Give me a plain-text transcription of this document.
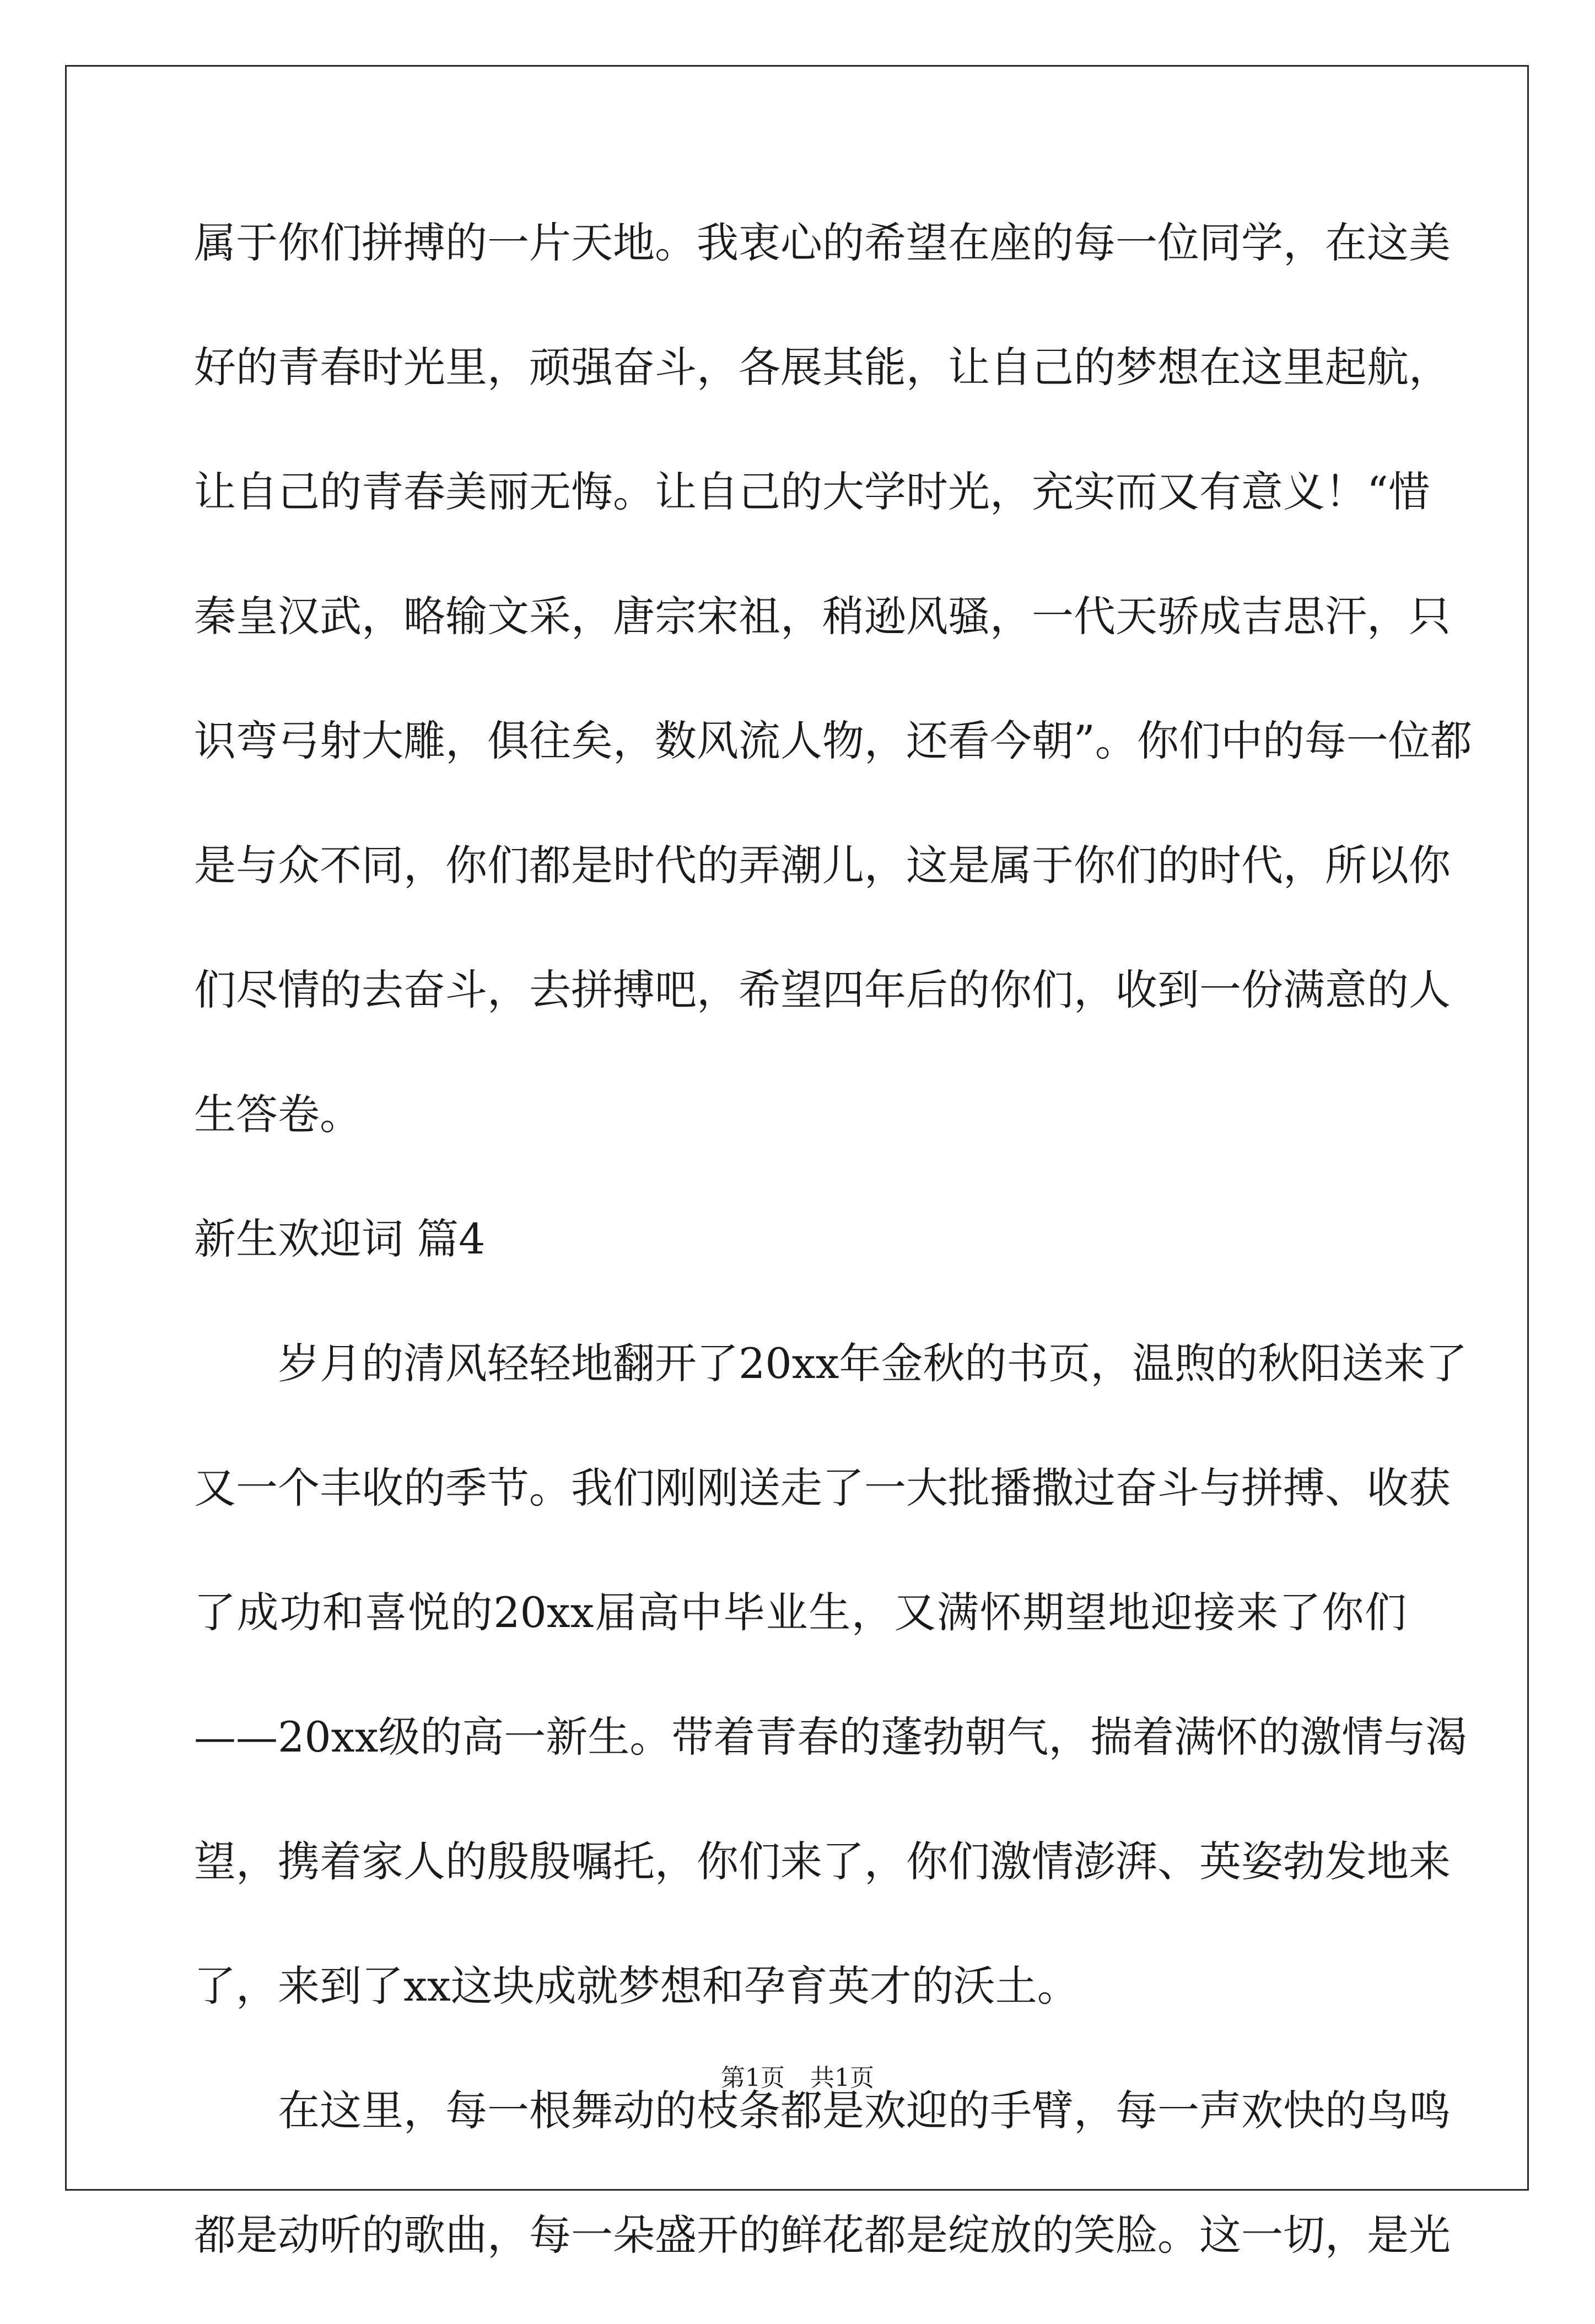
属于你们拼搏的一片天地。我衷心的希望在座的每一位同学，在这美
好的青春时光里，顽强奋斗，各展其能，让自己的梦想在这里起航，
让自己的青春美丽无悔。让自己的大学时光，充实而又有意义！“惜
秦皇汉武，略输文采，唐宗宋祖，稍逊风骚，一代天骄成吉思汗，只
识弯弓射大雕，俱往矣，数风流人物，还看今朝”。你们中的每一位都
是与众不同，你们都是时代的弄潮儿，这是属于你们的时代，所以你
们尽情的去奋斗，去拼搏吧，希望四年后的你们，收到一份满意的人
生答卷。
新生欢迎词 篇4
岁月的清风轻轻地翻开了20xx年金秋的书页，温煦的秋阳送来了
又一个丰收的季节。我们刚刚送走了一大批播撒过奋斗与拼搏、收获
了成功和喜悦的20xx届高中毕业生，又满怀期望地迎接来了你们
——20xx级的高一新生。带着青春的蓬勃朝气，揣着满怀的激情与渴
望，携着家人的殷殷嘱托，你们来了，你们激情澎湃、英姿勃发地来
了，来到了xx这块成就梦想和孕育英才的沃土。
在这里，每一根舞动的枝条都是欢迎的手臂，每一声欢快的鸟鸣
都是动听的歌曲，每一朵盛开的鲜花都是绽放的笑脸。这一切，是光
第1页 共1页
